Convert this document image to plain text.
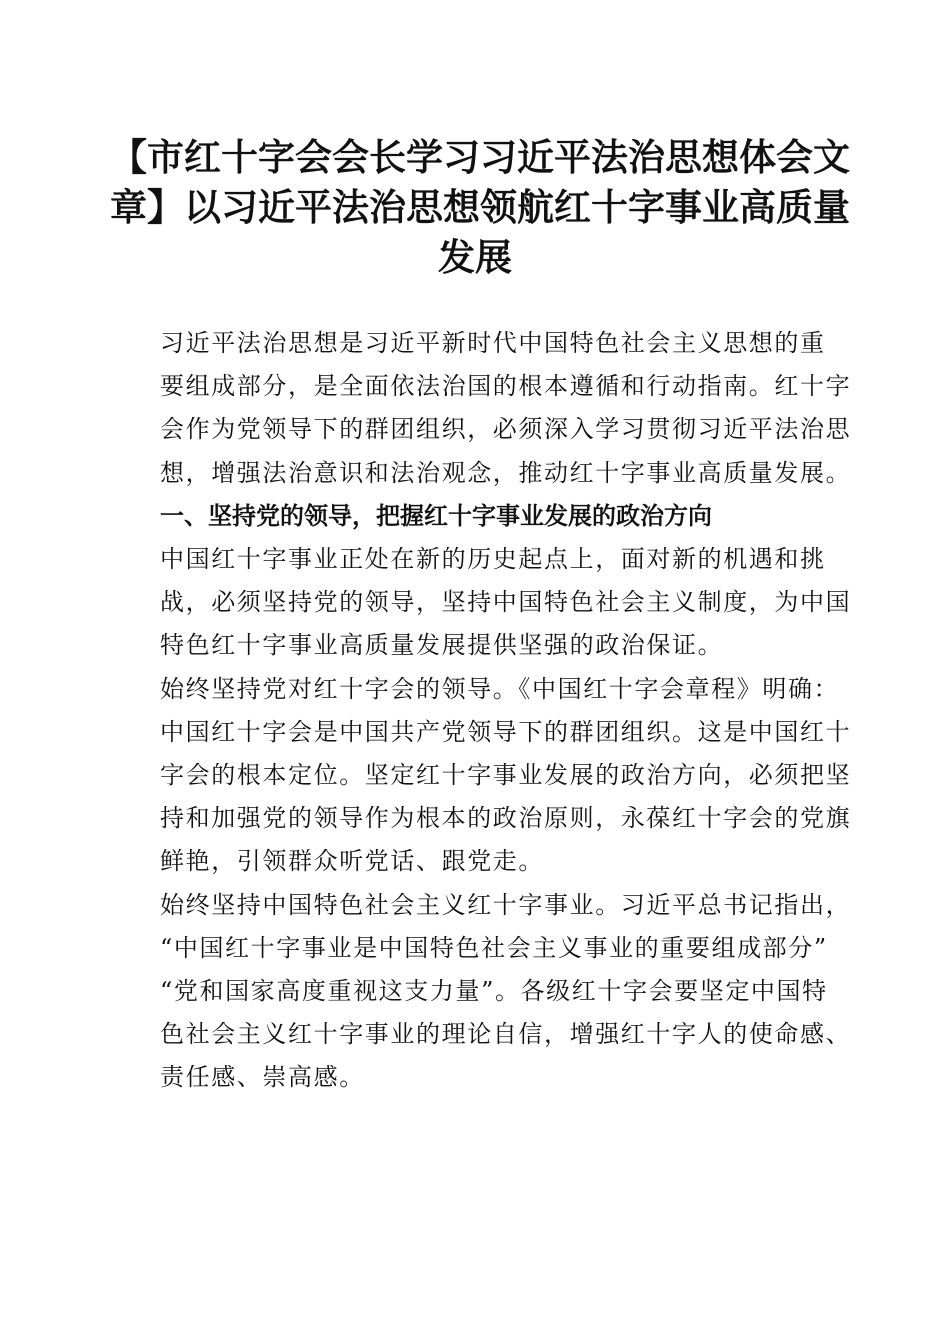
【市红十字会会长学习习近平法治思想体会文
章】以习近平法治思想领航红十字事业高质量
发展

习近平法治思想是习近平新时代中国特色社会主义思想的重
要组成部分，是全面依法治国的根本遵循和行动指南。红十字
会作为党领导下的群团组织，必须深入学习贯彻习近平法治思
想，增强法治意识和法治观念，推动红十字事业高质量发展。

一、坚持党的领导，把握红十字事业发展的政治方向

中国红十字事业正处在新的历史起点上，面对新的机遇和挑
战，必须坚持党的领导，坚持中国特色社会主义制度，为中国
特色红十字事业高质量发展提供坚强的政治保证。

始终坚持党对红十字会的领导。《中国红十字会章程》明确：
中国红十字会是中国共产党领导下的群团组织。这是中国红十
字会的根本定位。坚定红十字事业发展的政治方向，必须把坚
持和加强党的领导作为根本的政治原则，永葆红十字会的党旗
鲜艳，引领群众听党话、跟党走。

始终坚持中国特色社会主义红十字事业。习近平总书记指出，
“中国红十字事业是中国特色社会主义事业的重要组成部分”
“党和国家高度重视这支力量”。各级红十字会要坚定中国特
色社会主义红十字事业的理论自信，增强红十字人的使命感、
责任感、崇高感。
